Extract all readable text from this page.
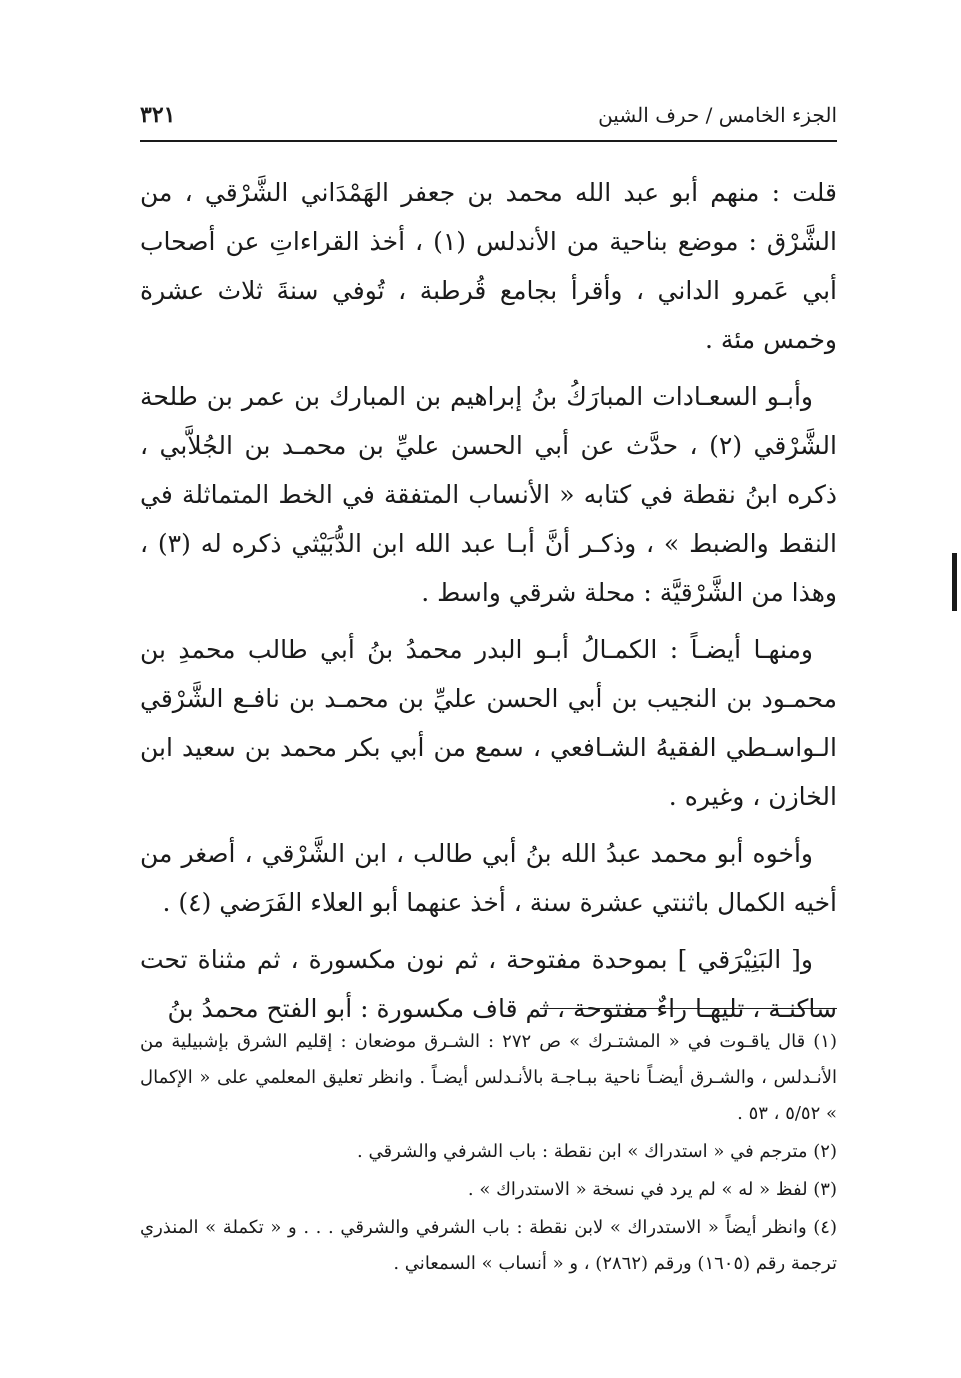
الجزء الخامس / حرف الشين
٣٢١

قلت : منهم أبو عبد الله محمد بن جعفر الهَمْدَاني الشَّرْقي ، من الشَّرْق : موضع بناحية من الأندلس (١) ، أخذ القراءاتِ عن أصحاب أبي عَمرو الداني ، وأقرأ بجامع قُرطبة ، تُوفي سنةَ ثلاث عشرة وخمس مئة .

وأبـو السعـادات المبارَكُ بنُ إبراهيم بن المبارك بن عمر بن طلحة الشَّرْقي (٢) ، حدَّث عن أبي الحسن عليِّ بن محمـد بن الجُلاَّبي ، ذكره ابنُ نقطة في كتابه « الأنساب المتفقة في الخط المتماثلة في النقط والضبط » ، وذكـر أنَّ أبـا عبد الله ابن الدُّبَيْثي ذكره له (٣) ، وهذا من الشَّرْقيَّة : محلة شرقي واسط .

ومنهـا أيضـاً : الكمـالُ أبـو البدر محمدُ بنُ أبي طالب محمدِ بن محمـود بن النجيب بن أبي الحسن عليِّ بن محمـد بن نافـع الشَّرْقي الـواسـطي الفقيهُ الشـافعي ، سمع من أبي بكر محمد بن سعيد ابن الخازن ، وغيره .

وأخوه أبو محمد عبدُ الله بنُ أبي طالب ، ابن الشَّرْقي ، أصغر من أخيه الكمال باثنتي عشرة سنة ، أخذ عنهما أبو العلاء الفَرَضي (٤) .

و[ البَنِيْرَقي ] بموحدة مفتوحة ، ثم نون مكسورة ، ثم مثناة تحت ساكنـة ، تليهـا راءٌ مفتوحة ، ثم قاف مكسورة : أبو الفتح محمدُ بنُ

(١) قال ياقـوت في « المشتـرك » ص ٢٧٢ : الشـرق موضعان : إقليم الشرق بإشبيلية من الأنـدلس ، والشـرق أيضـاً ناحية ببـاجـة بالأنـدلس أيضـاً . وانظر تعليق المعلمي على « الإكمال » ٥/٥٢ ، ٥٣ .

(٢) مترجم في « استدراك » ابن نقطة : باب الشرفي والشرقي .

(٣) لفظ « له » لم يرد في نسخة « الاستدراك » .

(٤) وانظر أيضاً « الاستدراك » لابن نقطة : باب الشرفي والشرقي . . . و « تكملة » المنذري ترجمة رقم (١٦٠٥) ورقم (٢٨٦٢) ، و « أنساب » السمعاني .
